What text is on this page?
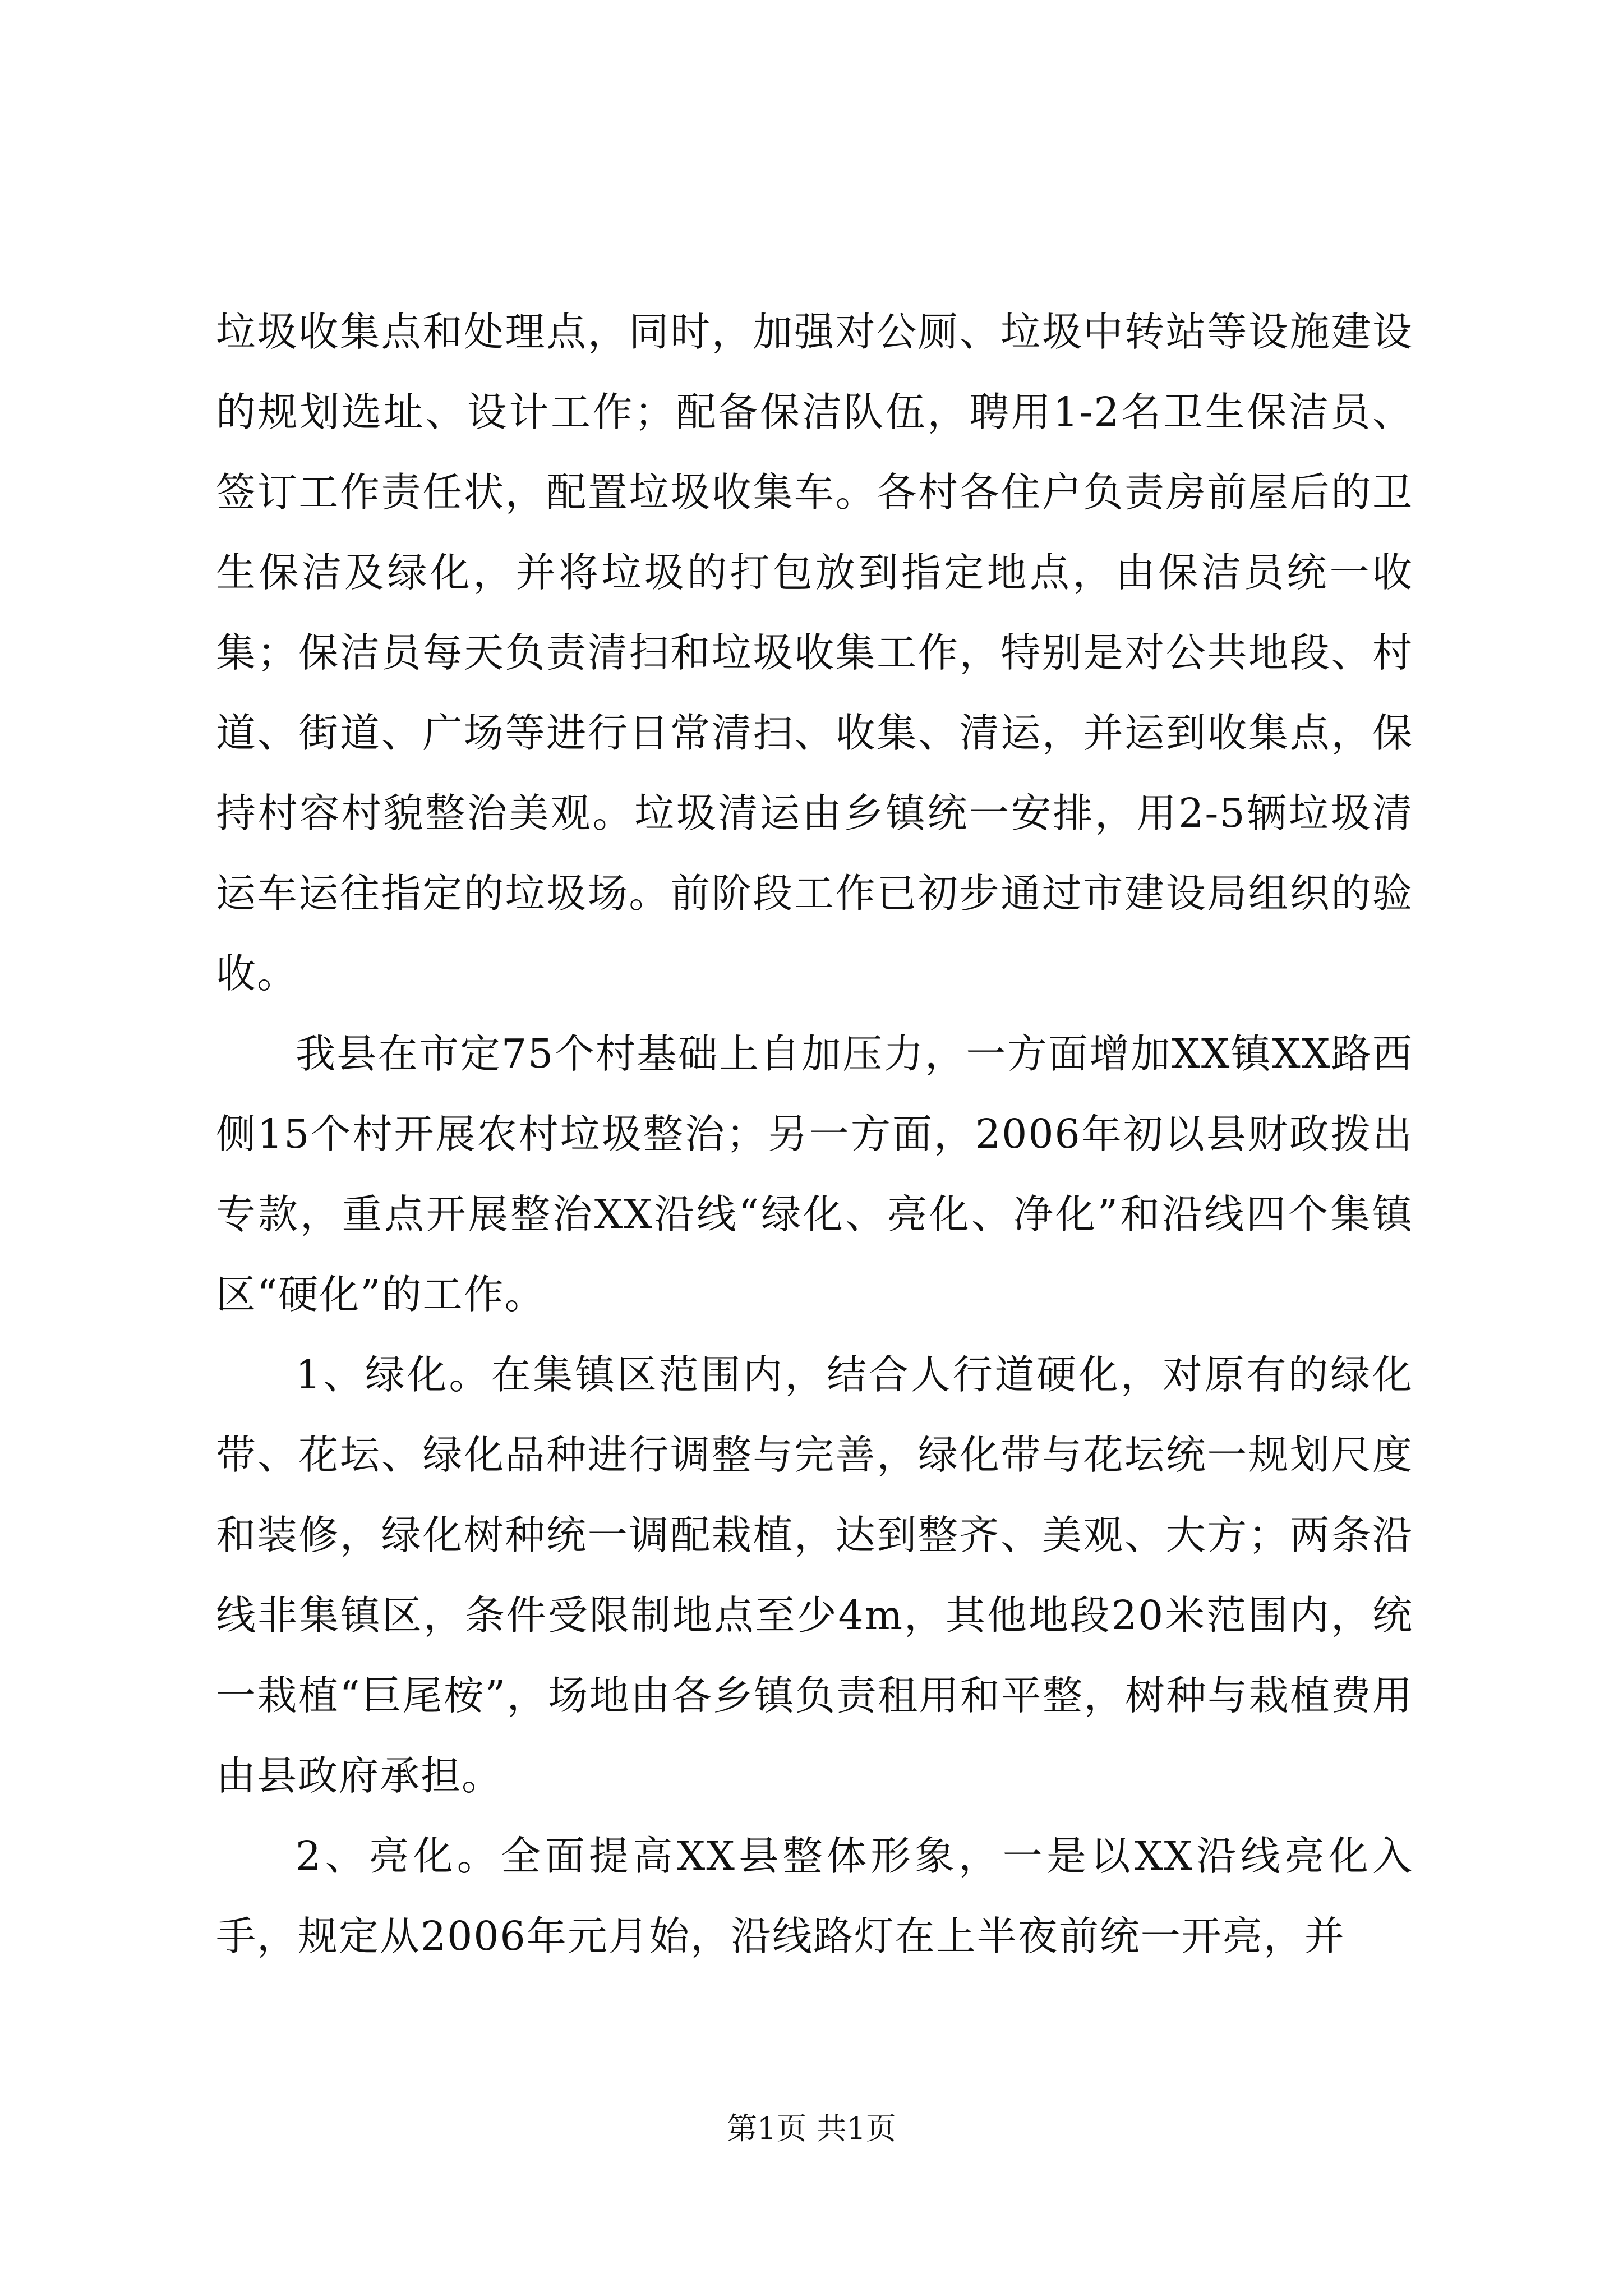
垃圾收集点和处理点，同时，加强对公厕、垃圾中转站等设施建设的规划选址、设计工作；配备保洁队伍，聘用1-2名卫生保洁员、签订工作责任状，配置垃圾收集车。各村各住户负责房前屋后的卫生保洁及绿化，并将垃圾的打包放到指定地点，由保洁员统一收集；保洁员每天负责清扫和垃圾收集工作，特别是对公共地段、村道、街道、广场等进行日常清扫、收集、清运，并运到收集点，保持村容村貌整治美观。垃圾清运由乡镇统一安排，用2-5辆垃圾清运车运往指定的垃圾场。前阶段工作已初步通过市建设局组织的验收。

我县在市定75个村基础上自加压力，一方面增加XX镇XX路西侧15个村开展农村垃圾整治；另一方面，2006年初以县财政拨出专款，重点开展整治XX沿线“绿化、亮化、净化”和沿线四个集镇区“硬化”的工作。

1、绿化。在集镇区范围内，结合人行道硬化，对原有的绿化带、花坛、绿化品种进行调整与完善，绿化带与花坛统一规划尺度和装修，绿化树种统一调配栽植，达到整齐、美观、大方；两条沿线非集镇区，条件受限制地点至少4m，其他地段20米范围内，统一栽植“巨尾桉”，场地由各乡镇负责租用和平整，树种与栽植费用由县政府承担。

2、亮化。全面提高XX县整体形象，一是以XX沿线亮化入手，规定从2006年元月始，沿线路灯在上半夜前统一开亮，并

第1页 共1页
